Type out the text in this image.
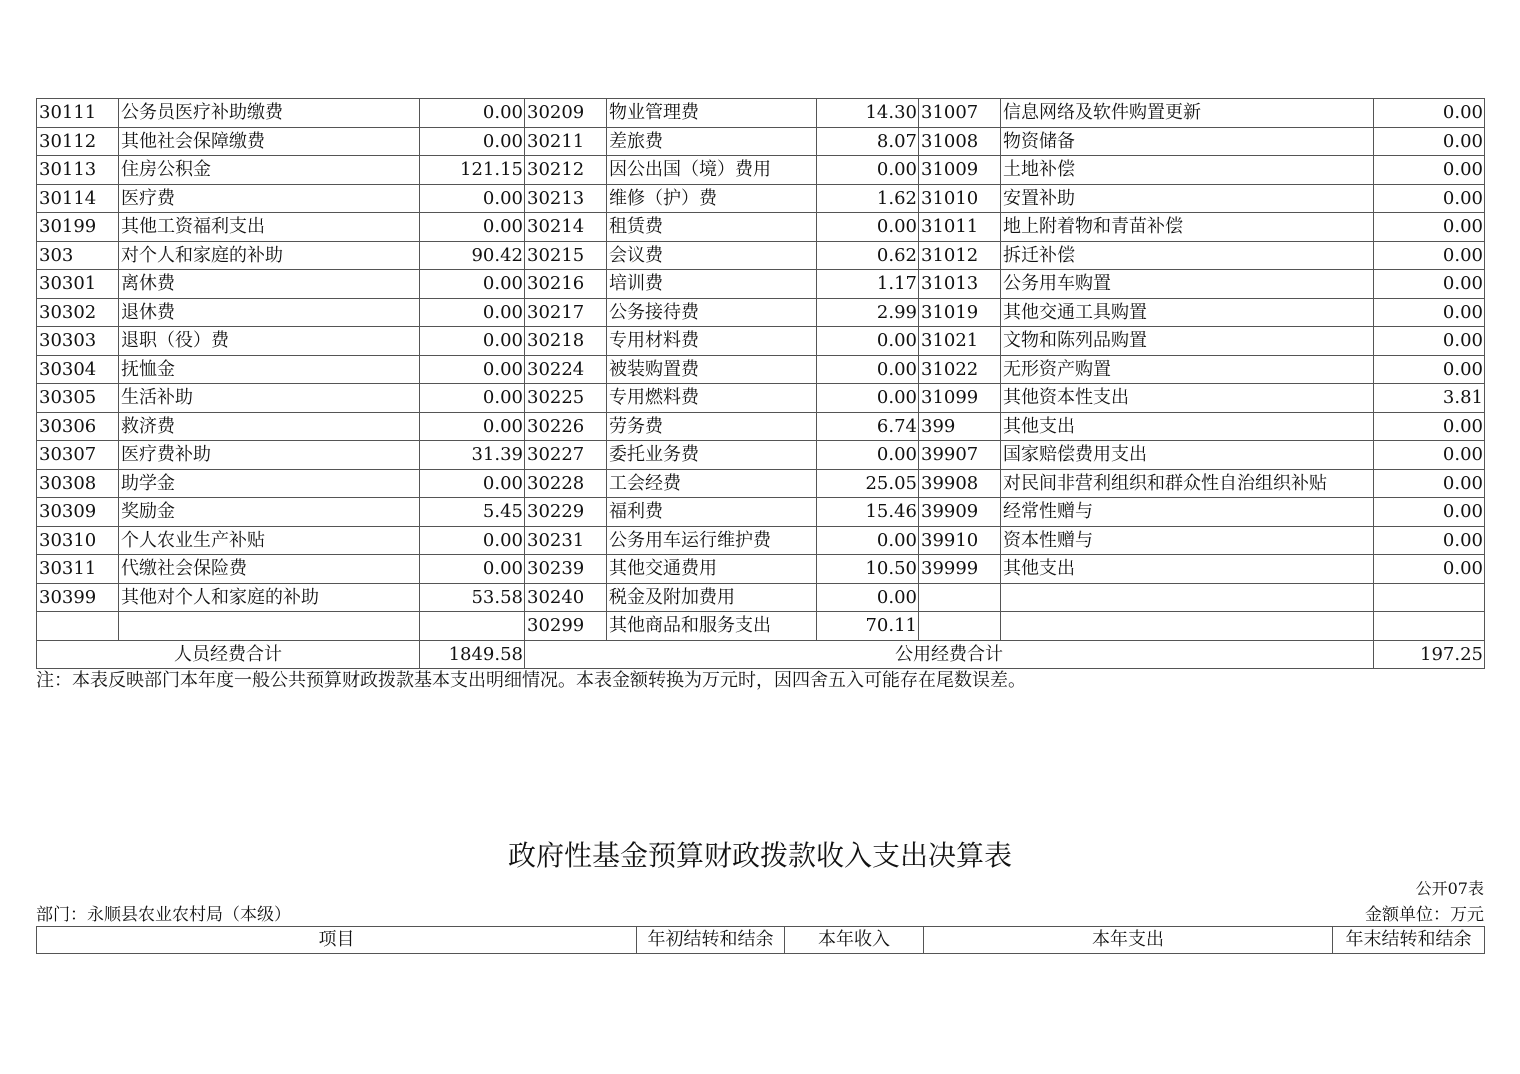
30111	公务员医疗补助缴费	0.00	30209	物业管理费	14.30	31007	信息网络及软件购置更新	0.00
30112	其他社会保障缴费	0.00	30211	差旅费	8.07	31008	物资储备	0.00
30113	住房公积金	121.15	30212	因公出国（境）费用	0.00	31009	土地补偿	0.00
30114	医疗费	0.00	30213	维修（护）费	1.62	31010	安置补助	0.00
30199	其他工资福利支出	0.00	30214	租赁费	0.00	31011	地上附着物和青苗补偿	0.00
303	对个人和家庭的补助	90.42	30215	会议费	0.62	31012	拆迁补偿	0.00
30301	离休费	0.00	30216	培训费	1.17	31013	公务用车购置	0.00
30302	退休费	0.00	30217	公务接待费	2.99	31019	其他交通工具购置	0.00
30303	退职（役）费	0.00	30218	专用材料费	0.00	31021	文物和陈列品购置	0.00
30304	抚恤金	0.00	30224	被装购置费	0.00	31022	无形资产购置	0.00
30305	生活补助	0.00	30225	专用燃料费	0.00	31099	其他资本性支出	3.81
30306	救济费	0.00	30226	劳务费	6.74	399	其他支出	0.00
30307	医疗费补助	31.39	30227	委托业务费	0.00	39907	国家赔偿费用支出	0.00
30308	助学金	0.00	30228	工会经费	25.05	39908	对民间非营利组织和群众性自治组织补贴	0.00
30309	奖励金	5.45	30229	福利费	15.46	39909	经常性赠与	0.00
30310	个人农业生产补贴	0.00	30231	公务用车运行维护费	0.00	39910	资本性赠与	0.00
30311	代缴社会保险费	0.00	30239	其他交通费用	10.50	39999	其他支出	0.00
30399	其他对个人和家庭的补助	53.58	30240	税金及附加费用	0.00			
			30299	其他商品和服务支出	70.11			
人员经费合计		1849.58	公用经费合计					197.25
注：本表反映部门本年度一般公共预算财政拨款基本支出明细情况。本表金额转换为万元时，因四舍五入可能存在尾数误差。
政府性基金预算财政拨款收入支出决算表
公开07表
部门：永顺县农业农村局（本级）	金额单位：万元
项目	年初结转和结余	本年收入	本年支出	年末结转和结余
